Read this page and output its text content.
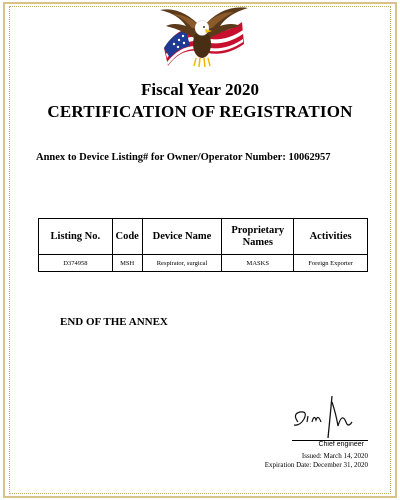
Fiscal Year 2020
CERTIFICATION OF REGISTRATION
Annex to Device Listing# for Owner/Operator Number: 10062957
Listing No.	Code	Device Name	Proprietary Names	Activities
D374958	MSH	Respirator, surgical	MASKS	Foreign Exporter
END OF THE ANNEX
Chief engineer
Issued: March 14, 2020
Expiration Date: December 31, 2020
